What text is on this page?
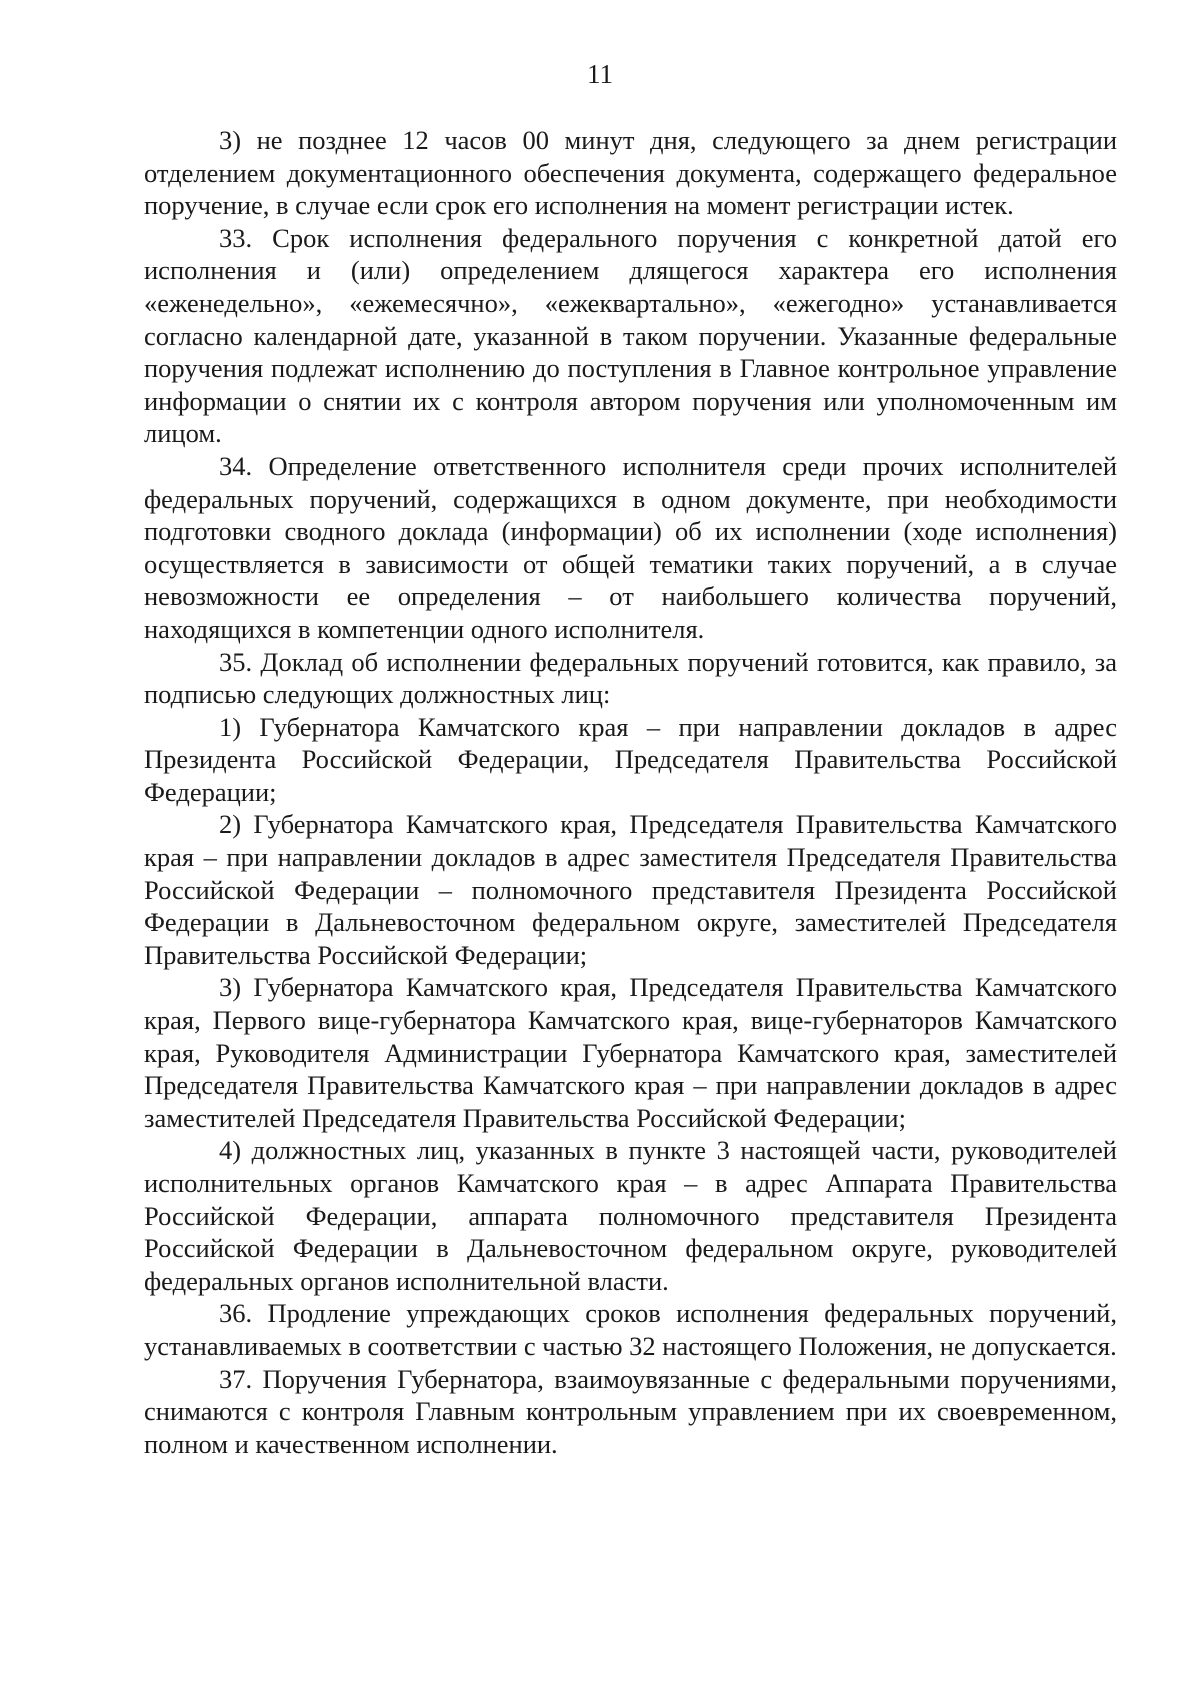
11

3) не позднее 12 часов 00 минут дня, следующего за днем регистрации отделением документационного обеспечения документа, содержащего федеральное поручение, в случае если срок его исполнения на момент регистрации истек.

33. Срок исполнения федерального поручения с конкретной датой его исполнения и (или) определением длящегося характера его исполнения «еженедельно», «ежемесячно», «ежеквартально», «ежегодно» устанавливается согласно календарной дате, указанной в таком поручении. Указанные федеральные поручения подлежат исполнению до поступления в Главное контрольное управление информации о снятии их с контроля автором поручения или уполномоченным им лицом.

34. Определение ответственного исполнителя среди прочих исполнителей федеральных поручений, содержащихся в одном документе, при необходимости подготовки сводного доклада (информации) об их исполнении (ходе исполнения) осуществляется в зависимости от общей тематики таких поручений, а в случае невозможности ее определения – от наибольшего количества поручений, находящихся в компетенции одного исполнителя.

35. Доклад об исполнении федеральных поручений готовится, как правило, за подписью следующих должностных лиц:

1) Губернатора Камчатского края – при направлении докладов в адрес Президента Российской Федерации, Председателя Правительства Российской Федерации;

2) Губернатора Камчатского края, Председателя Правительства Камчатского края – при направлении докладов в адрес заместителя Председателя Правительства Российской Федерации – полномочного представителя Президента Российской Федерации в Дальневосточном федеральном округе, заместителей Председателя Правительства Российской Федерации;

3) Губернатора Камчатского края, Председателя Правительства Камчатского края, Первого вице-губернатора Камчатского края, вице-губернаторов Камчатского края, Руководителя Администрации Губернатора Камчатского края, заместителей Председателя Правительства Камчатского края – при направлении докладов в адрес заместителей Председателя Правительства Российской Федерации;

4) должностных лиц, указанных в пункте 3 настоящей части, руководителей исполнительных органов Камчатского края – в адрес Аппарата Правительства Российской Федерации, аппарата полномочного представителя Президента Российской Федерации в Дальневосточном федеральном округе, руководителей федеральных органов исполнительной власти.

36. Продление упреждающих сроков исполнения федеральных поручений, устанавливаемых в соответствии с частью 32 настоящего Положения, не допускается.

37. Поручения Губернатора, взаимоувязанные с федеральными поручениями, снимаются с контроля Главным контрольным управлением при их своевременном, полном и качественном исполнении.
